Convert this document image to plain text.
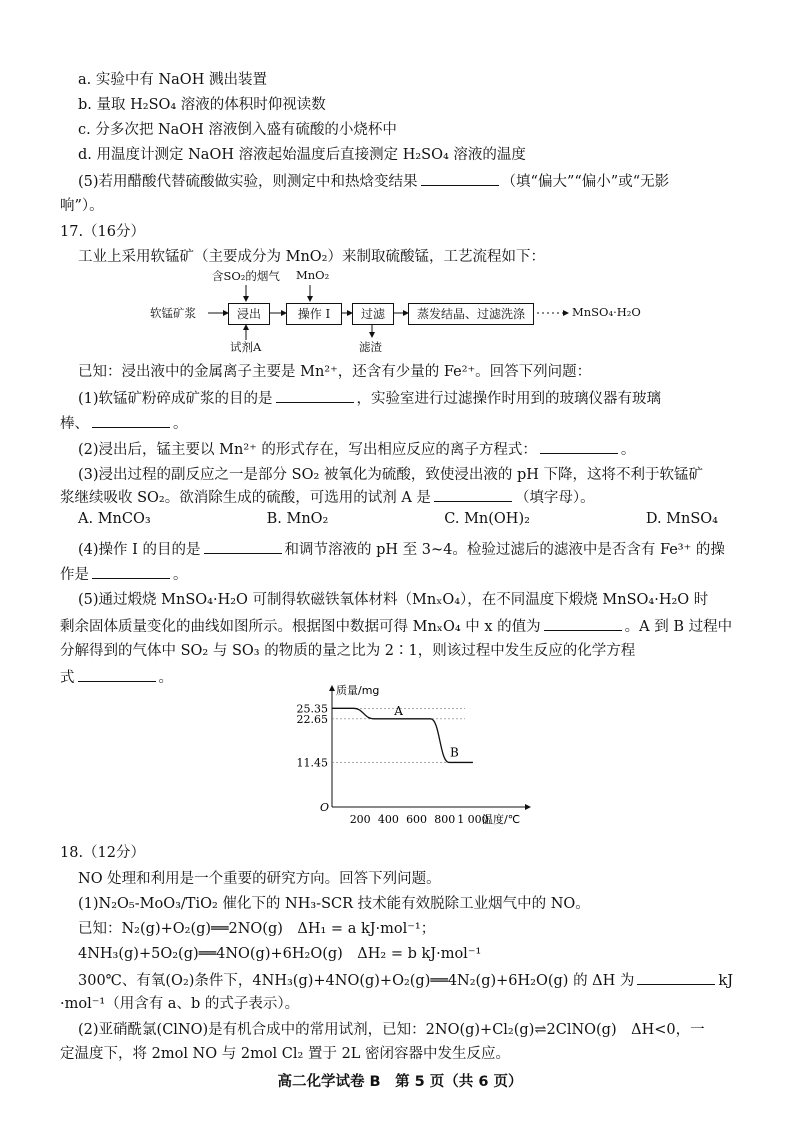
a. 实验中有 NaOH 溅出装置
b. 量取 H₂SO₄ 溶液的体积时仰视读数
c. 分多次把 NaOH 溶液倒入盛有硫酸的小烧杯中
d. 用温度计测定 NaOH 溶液起始温度后直接测定 H₂SO₄ 溶液的温度
(5)若用醋酸代替硫酸做实验，则测定中和热焓变结果	（填“偏大”“偏小”或“无影
响”）。
17.（16分）
工业上采用软锰矿（主要成分为 MnO₂）来制取硫酸锰，工艺流程如下：
软锰矿浆	浸出	操作 I	过滤	蒸发结晶、过滤洗涤	MnSO₄·H₂O
含SO₂的烟气 MnO₂
试剂A	滤渣
已知：浸出液中的金属离子主要是 Mn²⁺，还含有少量的 Fe²⁺。回答下列问题：
(1)软锰矿粉碎成矿浆的目的是	，实验室进行过滤操作时用到的玻璃仪器有玻璃
棒、	。
(2)浸出后，锰主要以 Mn²⁺ 的形式存在，写出相应反应的离子方程式：	。
(3)浸出过程的副反应之一是部分 SO₂ 被氧化为硫酸，致使浸出液的 pH 下降，这将不利于软锰矿
浆继续吸收 SO₂。欲消除生成的硫酸，可选用的试剂 A 是	（填字母）。
A. MnCO₃	B. MnO₂	C. Mn(OH)₂	D. MnSO₄
(4)操作 I 的目的是	和调节溶液的 pH 至 3~4。检验过滤后的滤液中是否含有 Fe³⁺ 的操
作是	。
(5)通过煅烧 MnSO₄·H₂O 可制得软磁铁氧体材料（MnₓO₄），在不同温度下煅烧 MnSO₄·H₂O 时
剩余固体质量变化的曲线如图所示。根据图中数据可得 MnₓO₄ 中 x 的值为	。A 到 B 过程中
分解得到的气体中 SO₂ 与 SO₃ 的物质的量之比为 2∶1，则该过程中发生反应的化学方程
式	。
质量/mg
温度/℃
O
25.35
22.65
11.45
200 400 600 800 1 000
A
B
18.（12分）
NO 处理和利用是一个重要的研究方向。回答下列问题。
(1)N₂O₅-MoO₃/TiO₂ 催化下的 NH₃-SCR 技术能有效脱除工业烟气中的 NO。
已知：N₂(g)+O₂(g)══2NO(g)　ΔH₁ = a kJ·mol⁻¹；
4NH₃(g)+5O₂(g)══4NO(g)+6H₂O(g)　ΔH₂ = b kJ·mol⁻¹
300℃、有氧(O₂)条件下，4NH₃(g)+4NO(g)+O₂(g)══4N₂(g)+6H₂O(g) 的 ΔH 为	kJ
·mol⁻¹（用含有 a、b 的式子表示）。
(2)亚硝酰氯(ClNO)是有机合成中的常用试剂，已知：2NO(g)+Cl₂(g)⇌2ClNO(g)　ΔH<0，一
定温度下，将 2mol NO 与 2mol Cl₂ 置于 2L 密闭容器中发生反应。
高二化学试卷 B　第 5 页（共 6 页）
